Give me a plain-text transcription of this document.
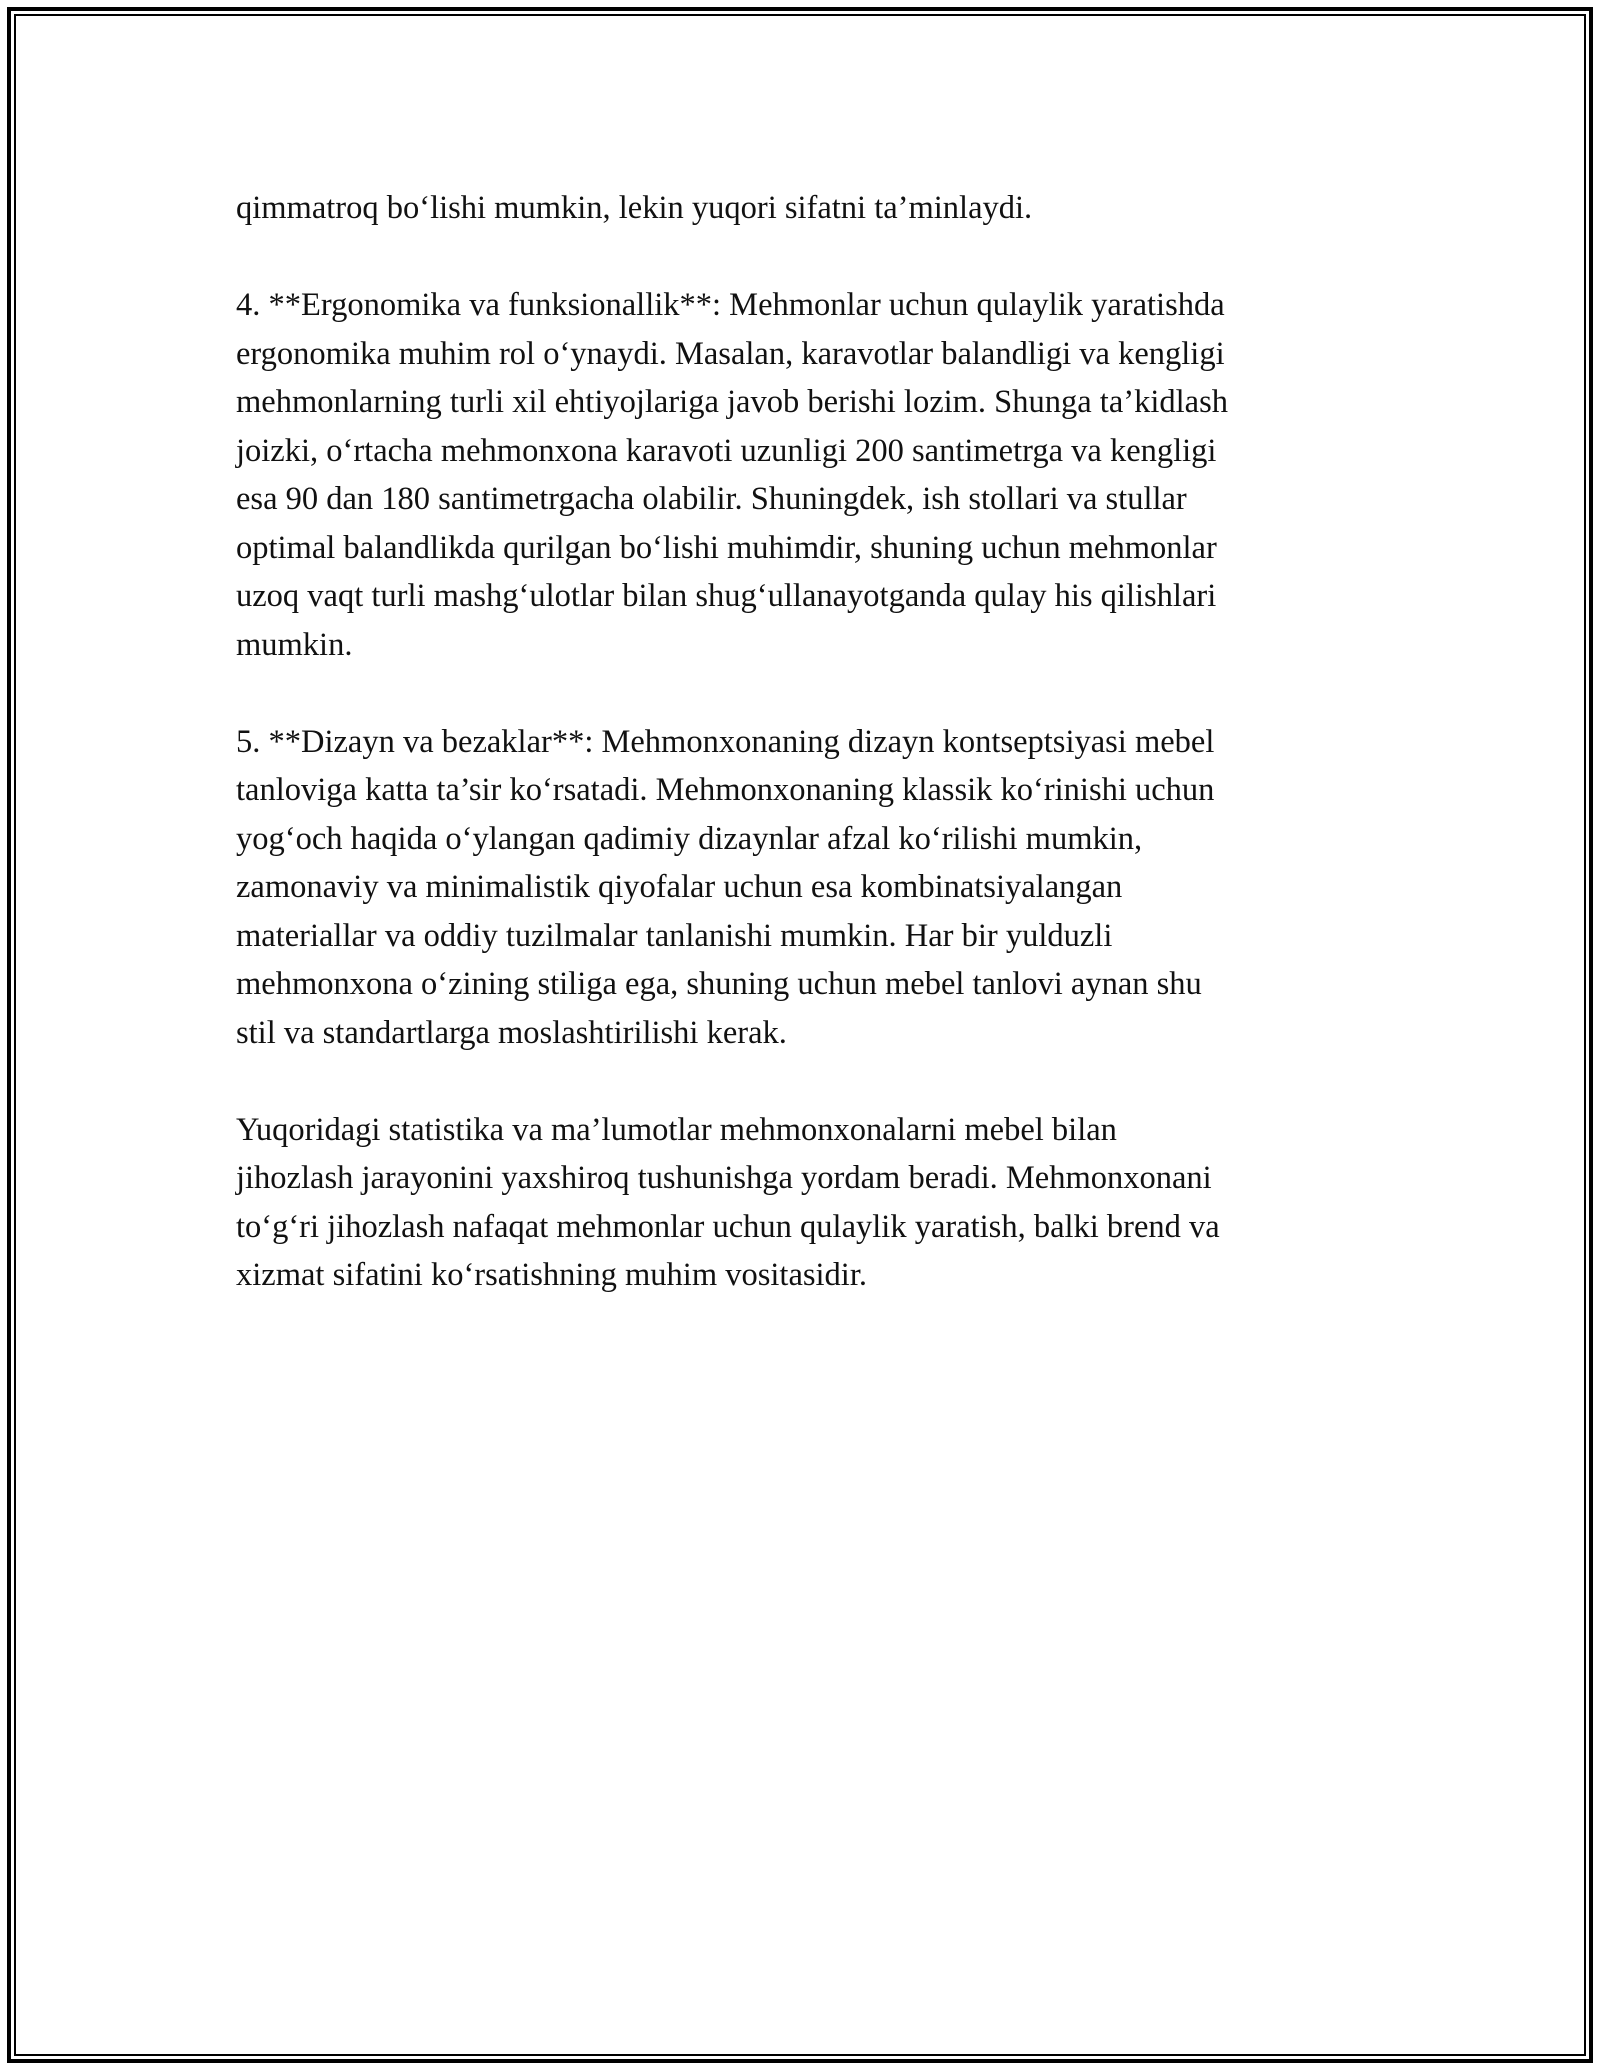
qimmatroq bo‘lishi mumkin, lekin yuqori sifatni ta’minlaydi.

4. **Ergonomika va funksionallik**: Mehmonlar uchun qulaylik yaratishda
ergonomika muhim rol o‘ynaydi. Masalan, karavotlar balandligi va kengligi
mehmonlarning turli xil ehtiyojlariga javob berishi lozim. Shunga ta’kidlash
joizki, o‘rtacha mehmonxona karavoti uzunligi 200 santimetrga va kengligi
esa 90 dan 180 santimetrgacha olabilir. Shuningdek, ish stollari va stullar
optimal balandlikda qurilgan bo‘lishi muhimdir, shuning uchun mehmonlar
uzoq vaqt turli mashg‘ulotlar bilan shug‘ullanayotganda qulay his qilishlari
mumkin.

5. **Dizayn va bezaklar**: Mehmonxonaning dizayn kontseptsiyasi mebel
tanloviga katta ta’sir ko‘rsatadi. Mehmonxonaning klassik ko‘rinishi uchun
yog‘och haqida o‘ylangan qadimiy dizaynlar afzal ko‘rilishi mumkin,
zamonaviy va minimalistik qiyofalar uchun esa kombinatsiyalangan
materiallar va oddiy tuzilmalar tanlanishi mumkin. Har bir yulduzli
mehmonxona o‘zining stiliga ega, shuning uchun mebel tanlovi aynan shu
stil va standartlarga moslashtirilishi kerak.

Yuqoridagi statistika va ma’lumotlar mehmonxonalarni mebel bilan
jihozlash jarayonini yaxshiroq tushunishga yordam beradi. Mehmonxonani
to‘g‘ri jihozlash nafaqat mehmonlar uchun qulaylik yaratish, balki brend va
xizmat sifatini ko‘rsatishning muhim vositasidir.
